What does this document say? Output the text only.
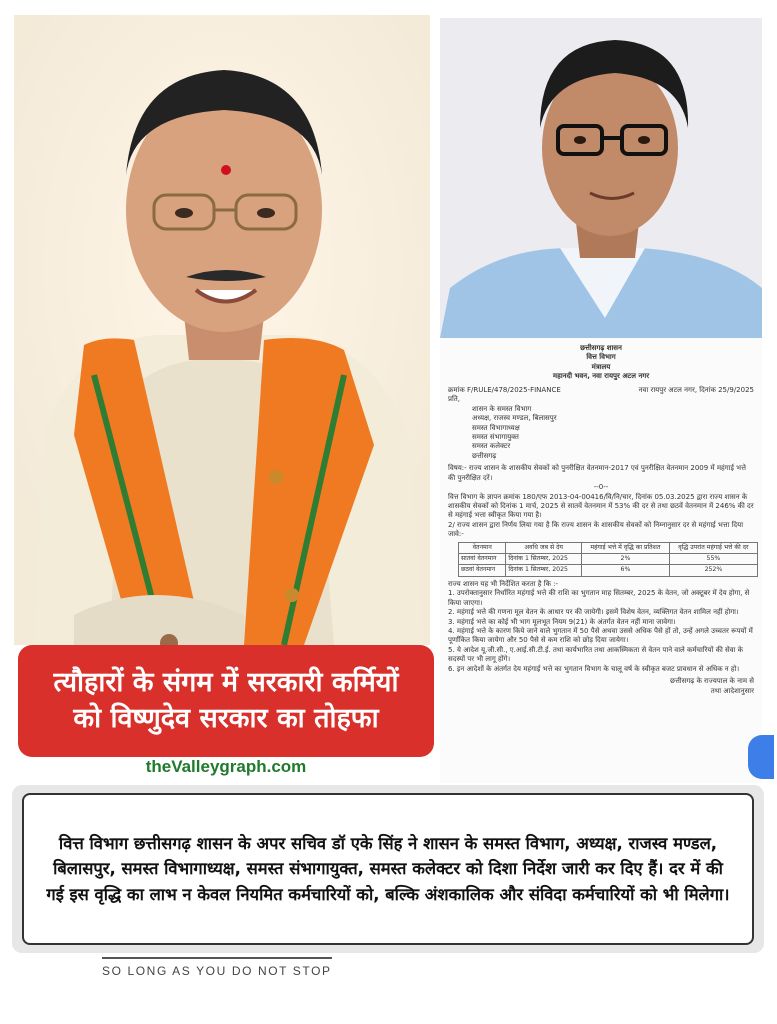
त्यौहारों के संगम में सरकारी कर्मियों
को विष्णुदेव सरकार का तोहफा
theValleygraph.com
छत्तीसगढ़ शासन
वित्त विभाग
मंत्रालय
महानदी भवन, नवा रायपुर अटल नगर
क्रमांक F/RULE/478/2025-FINANCE	नवा रायपुर अटल नगर, दिनांक 25/9/2025
प्रति,
शासन के समस्त विभाग
अध्यक्ष, राजस्व मण्डल, बिलासपुर
समस्त विभागाध्यक्ष
समस्त संभागायुक्त
समस्त कलेक्टर
छत्तीसगढ़
विषय:- राज्य शासन के शासकीय सेवकों को पुनरीक्षित वेतनमान-2017 एवं पुनरीक्षित वेतनमान 2009 में महंगाई भत्ते की पुनरीक्षित दरें।
--0--
वित्त विभाग के ज्ञापन क्रमांक 180/एफ 2013-04-00416/वि/नि/चार, दिनांक 05.03.2025 द्वारा राज्य शासन के शासकीय सेवकों को दिनांक 1 मार्च, 2025 से सातवें वेतनमान में 53% की दर से तथा छठवें वेतनमान में 246% की दर से महंगाई भत्ता स्वीकृत किया गया है।
2/ राज्य शासन द्वारा निर्णय लिया गया है कि राज्य शासन के शासकीय सेवकों को निम्नानुसार दर से महंगाई भत्ता दिया जावे:-
वेतनमान	अवधि जब से देय	महंगाई भत्ते में वृद्धि का प्रतिशत	वृद्धि उपरांत महंगाई भत्ते की दर
सातवां वेतनमान	दिनांक 1 सितम्बर, 2025	2%	55%
छठवां वेतनमान	दिनांक 1 सितम्बर, 2025	6%	252%
राज्य शासन यह भी निर्देशित करता है कि :-
1. उपरोक्तानुसार निर्धारित महंगाई भत्ते की राशि का भुगतान माह सितम्बर, 2025 के वेतन, जो अक्टूबर में देय होगा, से किया जाएगा।
2. महंगाई भत्ते की गणना मूल वेतन के आधार पर की जायेगी। इसमें विशेष वेतन, व्यक्तिगत वेतन शामिल नहीं होगा।
3. महंगाई भत्ते का कोई भी भाग मूलभूत नियम 9(21) के अंतर्गत वेतन नहीं माना जावेगा।
4. महंगाई भत्ते के कारण किये जाने वाले भुगतान में 50 पैसे अथवा उससे अधिक पैसे हों तो, उन्हें अगले उच्चतर रूपयों में पूर्णांकित किया जायेगा और 50 पैसे से कम राशि को छोड़ दिया जायेगा।
5. ये आदेश यू.जी.सी., ए.आई.सी.टी.ई. तथा कार्यभारित तथा आकस्मिकता से वेतन पाने वाले कर्मचारियों की सेवा के सदस्यों पर भी लागू होंगे।
6. इन आदेशों के अंतर्गत देय महंगाई भत्ते का भुगतान विभाग के चालू वर्ष के स्वीकृत बजट प्रावधान से अधिक न हो।
छत्तीसगढ़ के राज्यपाल के नाम से
तथा आदेशानुसार
वित्त विभाग छत्तीसगढ़ शासन के अपर सचिव डॉ एके सिंह ने शासन के समस्त विभाग, अध्यक्ष, राजस्व मण्डल, बिलासपुर, समस्त विभागाध्यक्ष, समस्त संभागायुक्त, समस्त कलेक्टर को दिशा निर्देश जारी कर दिए हैं। दर में की गई इस वृद्धि का लाभ न केवल नियमित कर्मचारियों को, बल्कि अंशकालिक और संविदा कर्मचारियों को भी मिलेगा।
SO LONG AS YOU DO NOT STOP
